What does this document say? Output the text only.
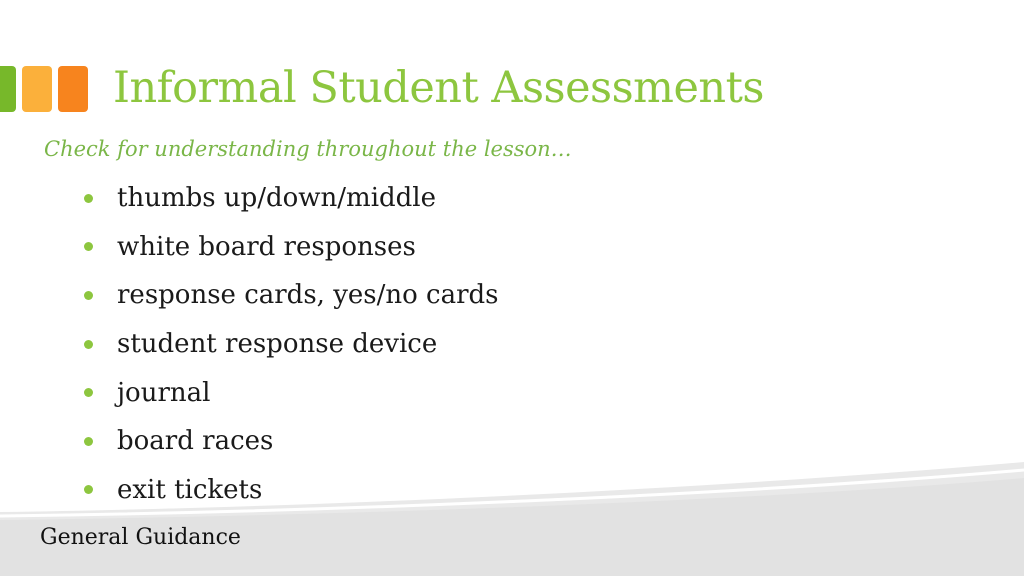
Informal Student Assessments
Check for understanding throughout the lesson…
thumbs up/down/middle
white board responses
response cards, yes/no cards
student response device
journal
board races
exit tickets
General Guidance
